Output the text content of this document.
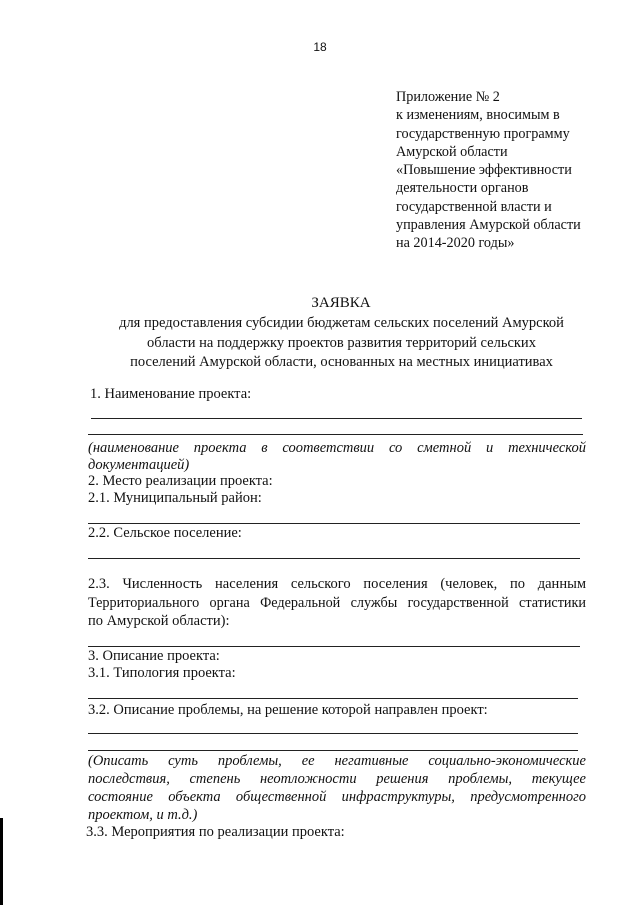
18
Приложение № 2
к изменениям, вносимым в
государственную программу
Амурской области
«Повышение эффективности
деятельности органов
государственной власти и
управления Амурской области
на 2014-2020 годы»
ЗАЯВКА
для предоставления субсидии бюджетам сельских поселений Амурской
области на поддержку проектов развития территорий сельских
поселений Амурской области, основанных на местных инициативах
1. Наименование проекта:
(наименование проекта в соответствии со сметной и технической
документацией)
2. Место реализации проекта:
2.1. Муниципальный район:
2.2. Сельское поселение:
2.3. Численность населения сельского поселения (человек, по данным
Территориального органа Федеральной службы государственной статистики
по Амурской области):
3. Описание проекта:
3.1. Типология проекта:
3.2. Описание проблемы, на решение которой направлен проект:
(Описать суть проблемы, ее негативные социально-экономические
последствия, степень неотложности решения проблемы, текущее
состояние объекта общественной инфраструктуры, предусмотренного
проектом, и т.д.)
3.3. Мероприятия по реализации проекта:
